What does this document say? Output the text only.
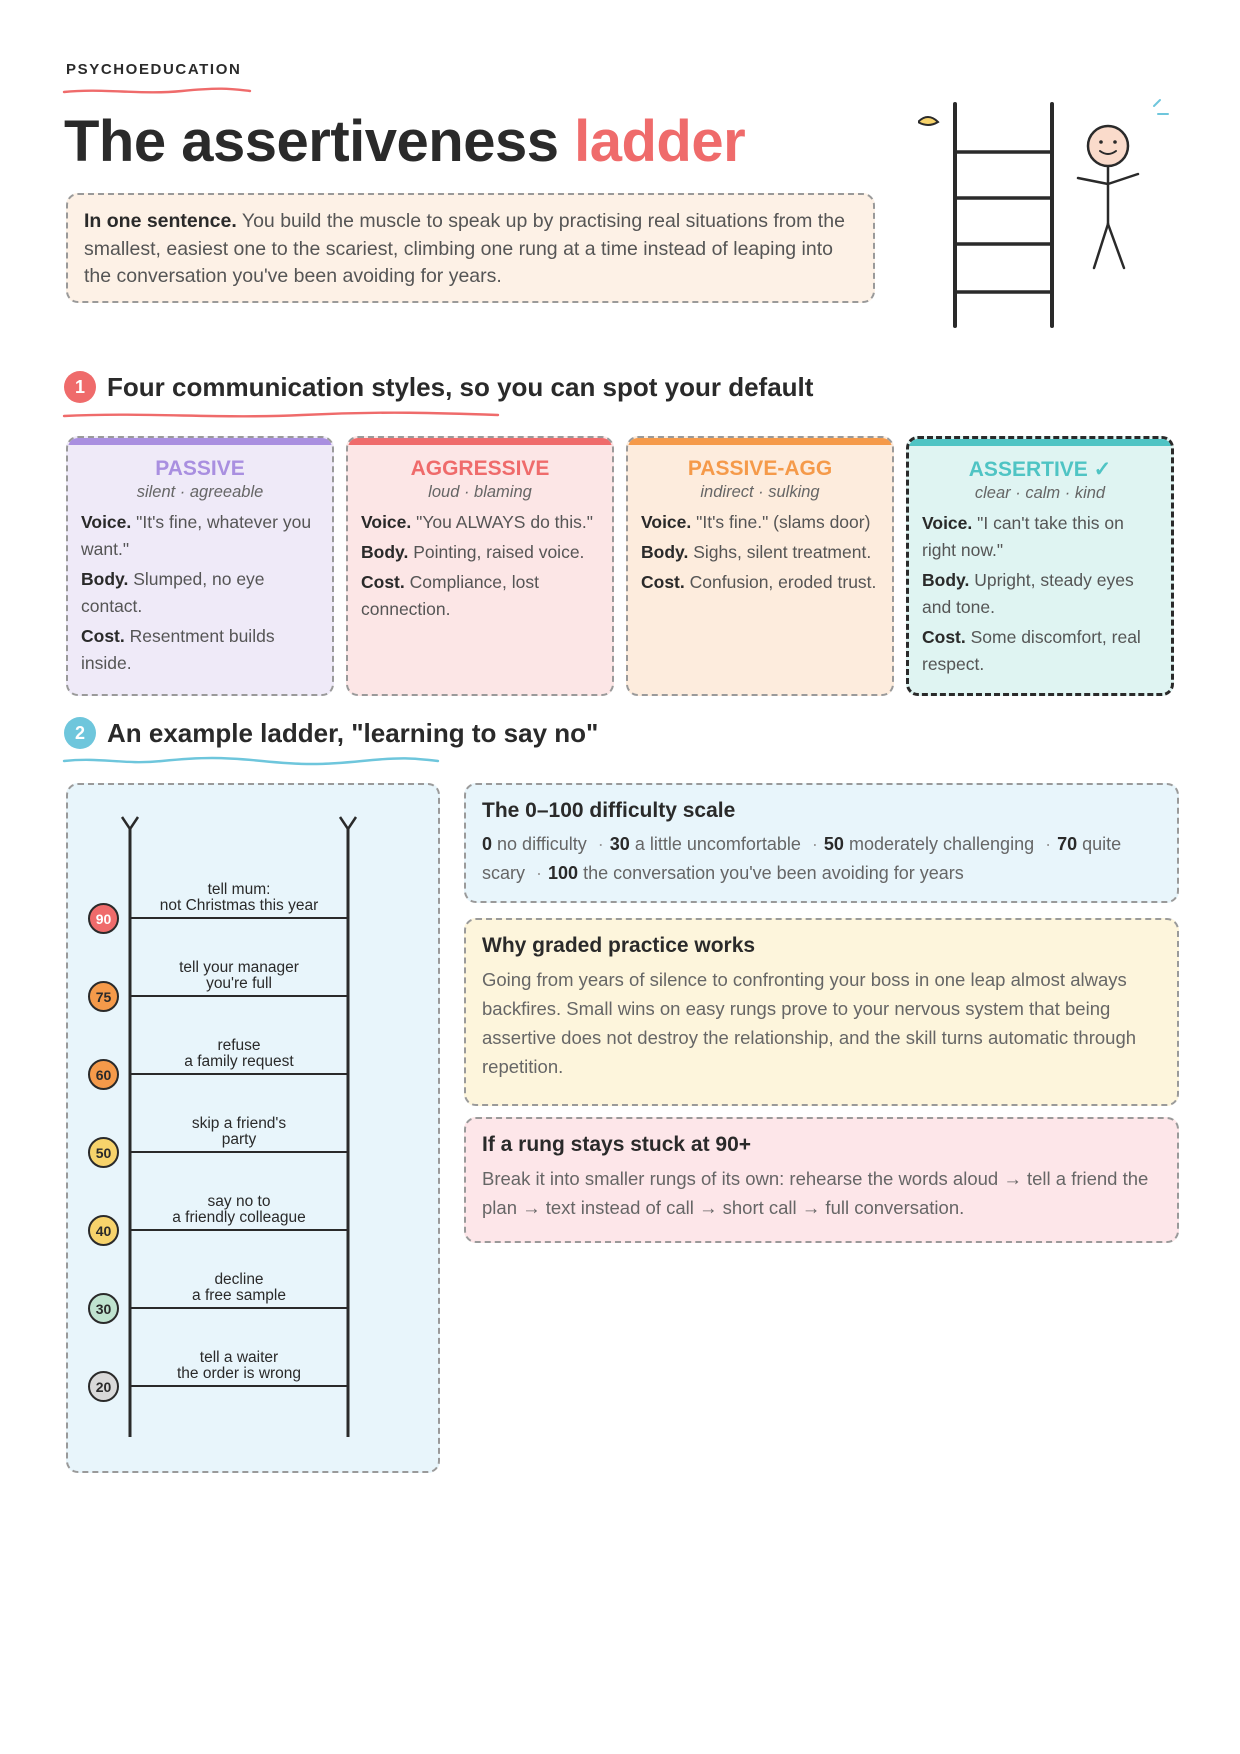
PSYCHOEDUCATION
The assertiveness ladder
In one sentence. You build the muscle to speak up by practising real situations from the smallest, easiest one to the scariest, climbing one rung at a time instead of leaping into the conversation you've been avoiding for years.
1 Four communication styles, so you can spot your default
PASSIVE
silent · agreeable

Voice. "It's fine, whatever you want."

Body. Slumped, no eye contact.

Cost. Resentment builds inside.

AGGRESSIVE
loud · blaming

Voice. "You ALWAYS do this."

Body. Pointing, raised voice.

Cost. Compliance, lost connection.

PASSIVE-AGG
indirect · sulking

Voice. "It's fine." (slams door)

Body. Sighs, silent treatment.

Cost. Confusion, eroded trust.

ASSERTIVE ✓
clear · calm · kind

Voice. "I can't take this on right now."

Body. Upright, steady eyes and tone.

Cost. Some discomfort, real respect.

2 An example ladder, "learning to say no"
tell mum:
not Christmas this year
90
tell your manager
you're full
75
refuse
a family request
60
skip a friend's
party
50
say no to
a friendly colleague
40
decline
a free sample
30
tell a waiter
the order is wrong
20
The 0–100 difficulty scale
0 no difficulty · 30 a little uncomfortable · 50 moderately challenging · 70 quite scary · 100 the conversation you've been avoiding for years
Why graded practice works
Going from years of silence to confronting your boss in one leap almost always backfires. Small wins on easy rungs prove to your nervous system that being assertive does not destroy the relationship, and the skill turns automatic through repetition.
If a rung stays stuck at 90+
Break it into smaller rungs of its own: rehearse the words aloud → tell a friend the plan → text instead of call → short call → full conversation.
